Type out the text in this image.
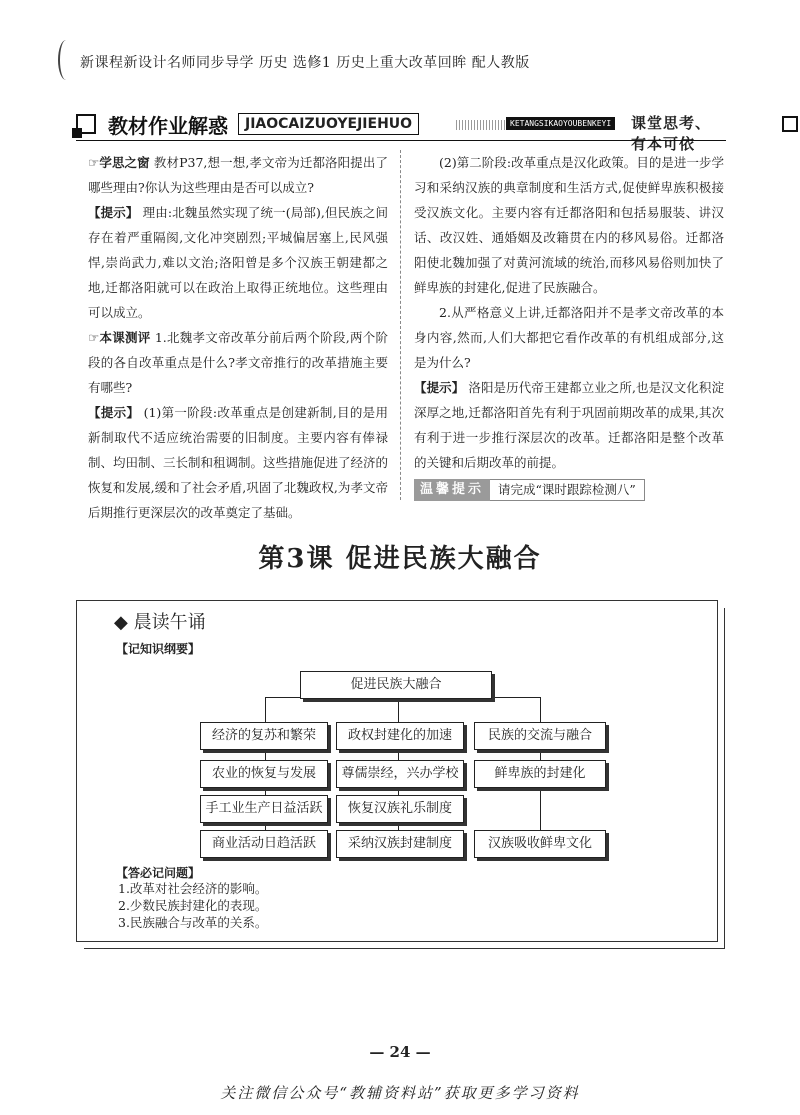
新课程新设计名师同步导学 历史 选修1 历史上重大改革回眸 配人教版
教材作业解惑	JIAOCAIZUOYEJIEHUO	KETANGSIKAOYOUBENKEYI 课堂思考、有本可依

☞学思之窗 教材P37,想一想,孝文帝为迁都洛阳提出了哪些理由?你认为这些理由是否可以成立?

【提示】 理由:北魏虽然实现了统一(局部),但民族之间存在着严重隔阂,文化冲突剧烈;平城偏居塞上,民风强悍,崇尚武力,难以文治;洛阳曾是多个汉族王朝建都之地,迁都洛阳就可以在政治上取得正统地位。这些理由可以成立。

☞本课测评 1.北魏孝文帝改革分前后两个阶段,两个阶段的各自改革重点是什么?孝文帝推行的改革措施主要有哪些?

【提示】 (1)第一阶段:改革重点是创建新制,目的是用新制取代不适应统治需要的旧制度。主要内容有俸禄制、均田制、三长制和租调制。这些措施促进了经济的恢复和发展,缓和了社会矛盾,巩固了北魏政权,为孝文帝后期推行更深层次的改革奠定了基础。

(2)第二阶段:改革重点是汉化政策。目的是进一步学习和采纳汉族的典章制度和生活方式,促使鲜卑族积极接受汉族文化。主要内容有迁都洛阳和包括易服装、讲汉话、改汉姓、通婚姻及改籍贯在内的移风易俗。迁都洛阳使北魏加强了对黄河流域的统治,而移风易俗则加快了鲜卑族的封建化,促进了民族融合。

2.从严格意义上讲,迁都洛阳并不是孝文帝改革的本身内容,然而,人们大都把它看作改革的有机组成部分,这是为什么?

【提示】 洛阳是历代帝王建都立业之所,也是汉文化积淀深厚之地,迁都洛阳首先有利于巩固前期改革的成果,其次有利于进一步推行深层次的改革。迁都洛阳是整个改革的关键和后期改革的前提。

温馨提示	请完成“课时跟踪检测八”
第3课 促进民族大融合
◆ 晨读午诵
【记知识纲要】
促进民族大融合
经济的复苏和繁荣
农业的恢复与发展
手工业生产日益活跃
商业活动日趋活跃
政权封建化的加速
尊儒崇经，兴办学校
恢复汉族礼乐制度
采纳汉族封建制度
民族的交流与融合
鲜卑族的封建化
汉族吸收鲜卑文化
【答必记问题】
1.改革对社会经济的影响。
2.少数民族封建化的表现。
3.民族融合与改革的关系。
— 24 —
关注微信公众号“教辅资料站”获取更多学习资料
